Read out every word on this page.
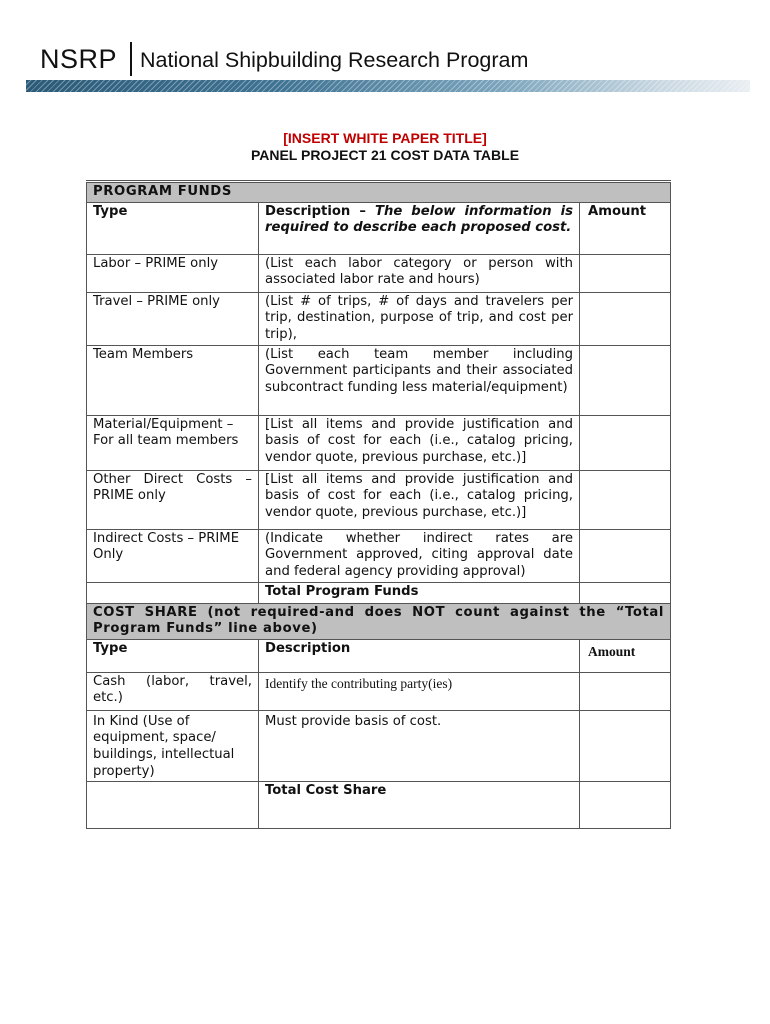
NSRP National Shipbuilding Research Program
[INSERT WHITE PAPER TITLE]
PANEL PROJECT 21 COST DATA TABLE
PROGRAM FUNDS		
Type	Description – The below information is required to describe each proposed cost.	Amount
Labor – PRIME only	(List each labor category or person with associated labor rate and hours)	
Travel – PRIME only	(List # of trips, # of days and travelers per trip, destination, purpose of trip, and cost per trip),	
Team Members	(List each team member including Government participants and their associated subcontract funding less material/equipment)	
Material/Equipment – For all team members	[List all items and provide justification and basis of cost for each (i.e., catalog pricing, vendor quote, previous purchase, etc.)]	
Other Direct Costs – PRIME only	[List all items and provide justification and basis of cost for each (i.e., catalog pricing, vendor quote, previous purchase, etc.)]	
Indirect Costs – PRIME Only	(Indicate whether indirect rates are Government approved, citing approval date and federal agency providing approval)	
	Total Program Funds	
COST SHARE (not required-and does NOT count against the “Total Program Funds” line above)		
Type	Description	Amount
Cash (labor, travel, etc.)	Identify the contributing party(ies)	
In Kind (Use of equipment, space/ buildings, intellectual property)	Must provide basis of cost.	
	Total Cost Share	
